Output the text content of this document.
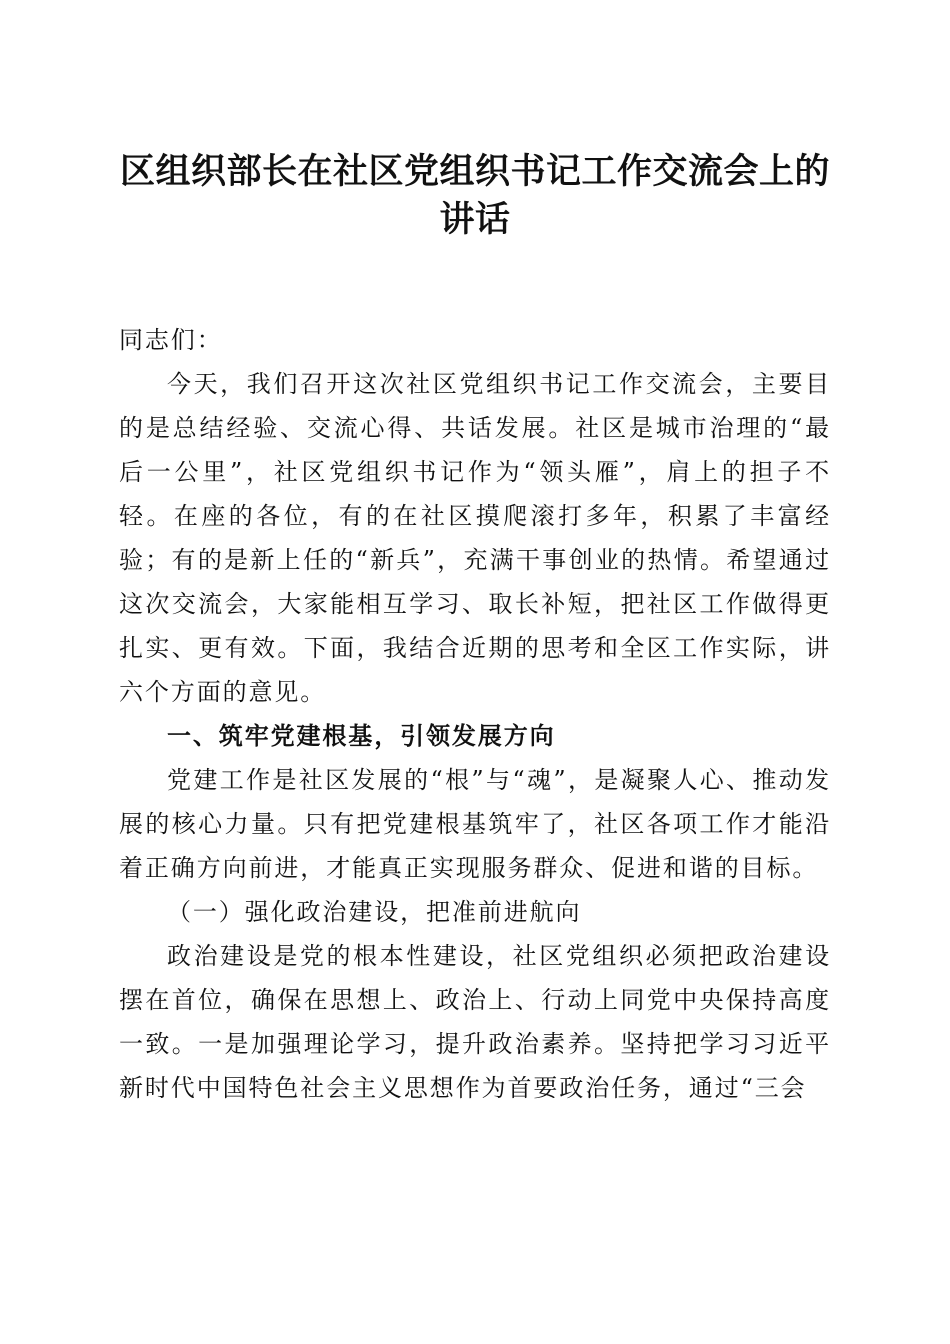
区组织部长在社区党组织书记工作交流会上的讲话

同志们：

今天，我们召开这次社区党组织书记工作交流会，主要目的是总结经验、交流心得、共话发展。社区是城市治理的“最后一公里”，社区党组织书记作为“领头雁”，肩上的担子不轻。在座的各位，有的在社区摸爬滚打多年，积累了丰富经验；有的是新上任的“新兵”，充满干事创业的热情。希望通过这次交流会，大家能相互学习、取长补短，把社区工作做得更扎实、更有效。下面，我结合近期的思考和全区工作实际，讲六个方面的意见。

一、筑牢党建根基，引领发展方向

党建工作是社区发展的“根”与“魂”，是凝聚人心、推动发展的核心力量。只有把党建根基筑牢了，社区各项工作才能沿着正确方向前进，才能真正实现服务群众、促进和谐的目标。

（一）强化政治建设，把准前进航向

政治建设是党的根本性建设，社区党组织必须把政治建设摆在首位，确保在思想上、政治上、行动上同党中央保持高度一致。一是加强理论学习，提升政治素养。坚持把学习习近平新时代中国特色社会主义思想作为首要政治任务，通过“三会
